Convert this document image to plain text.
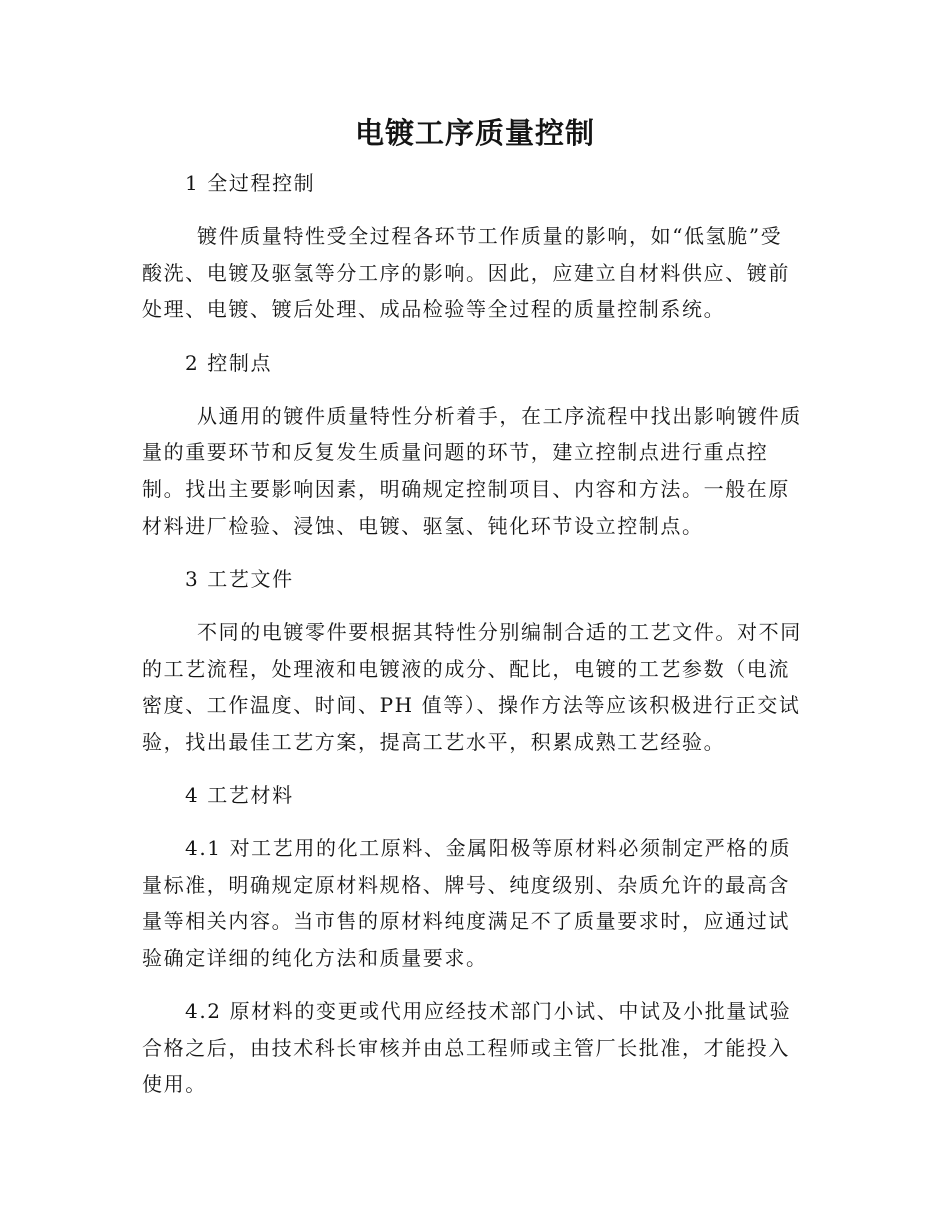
电镀工序质量控制
1 全过程控制
镀件质量特性受全过程各环节工作质量的影响，如“低氢脆”受
酸洗、电镀及驱氢等分工序的影响。因此，应建立自材料供应、镀前
处理、电镀、镀后处理、成品检验等全过程的质量控制系统。
2 控制点
从通用的镀件质量特性分析着手，在工序流程中找出影响镀件质
量的重要环节和反复发生质量问题的环节，建立控制点进行重点控
制。找出主要影响因素，明确规定控制项目、内容和方法。一般在原
材料进厂检验、浸蚀、电镀、驱氢、钝化环节设立控制点。
3 工艺文件
不同的电镀零件要根据其特性分别编制合适的工艺文件。对不同
的工艺流程，处理液和电镀液的成分、配比，电镀的工艺参数（电流
密度、工作温度、时间、PH 值等）、操作方法等应该积极进行正交试
验，找出最佳工艺方案，提高工艺水平，积累成熟工艺经验。
4 工艺材料
4.1 对工艺用的化工原料、金属阳极等原材料必须制定严格的质
量标准，明确规定原材料规格、牌号、纯度级别、杂质允许的最高含
量等相关内容。当市售的原材料纯度满足不了质量要求时，应通过试
验确定详细的纯化方法和质量要求。
4.2 原材料的变更或代用应经技术部门小试、中试及小批量试验
合格之后，由技术科长审核并由总工程师或主管厂长批准，才能投入
使用。
